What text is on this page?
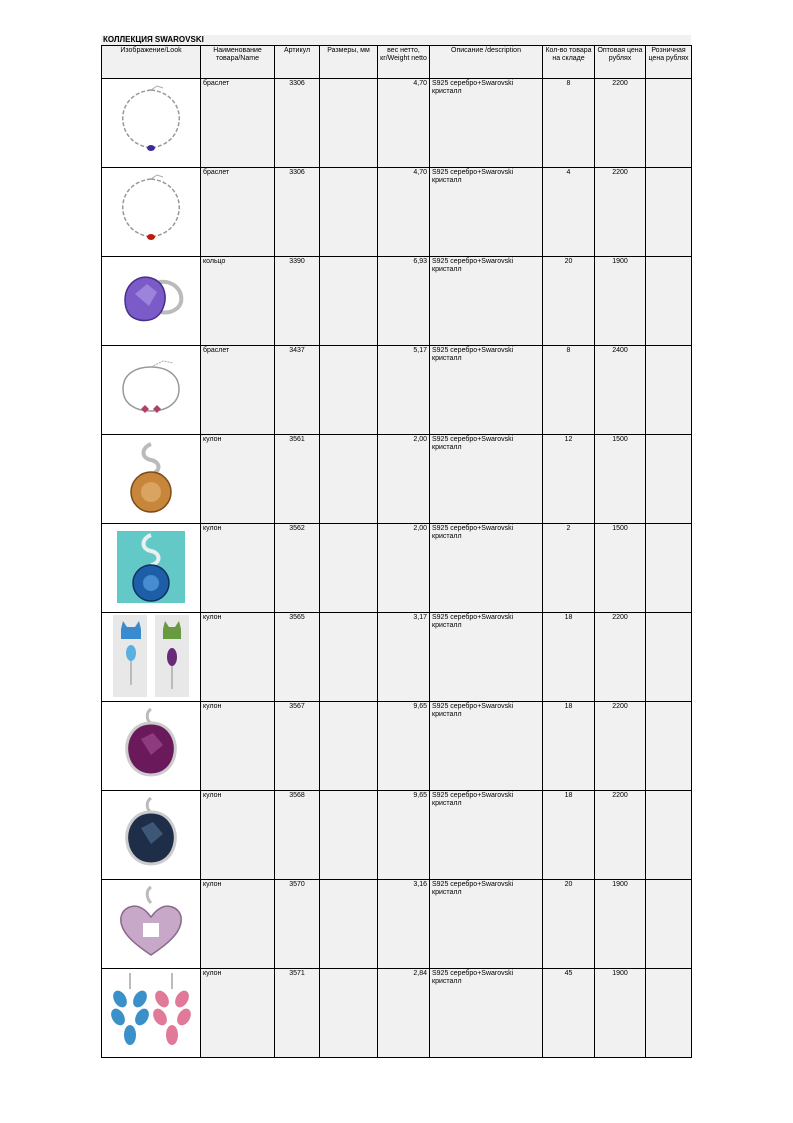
КОЛЛЕКЦИЯ SWAROVSKI
Изображение/Look	Наименование товара/Name	Артикул	Размеры, мм	вес нетто, кг/Weight netto	Описание /description	Кол-во товара на складе	Оптовая цена рублях	Розничная цена рублях

	браслет	3306		4,70	S925 серебро+Swarovski кристалл	8	2200	

	браслет	3306		4,70	S925 серебро+Swarovski кристалл	4	2200	

	кольцо	3390		6,93	S925 серебро+Swarovski кристалл	20	1900	

	браслет	3437		5,17	S925 серебро+Swarovski кристалл	8	2400	

	кулон	3561		2,00	S925 серебро+Swarovski кристалл	12	1500	

	кулон	3562		2,00	S925 серебро+Swarovski кристалл	2	1500	

	кулон	3565		3,17	S925 серебро+Swarovski кристалл	18	2200	

	кулон	3567		9,65	S925 серебро+Swarovski кристалл	18	2200	

	кулон	3568		9,65	S925 серебро+Swarovski кристалл	18	2200	

	кулон	3570		3,16	S925 серебро+Swarovski кристалл	20	1900	

	кулон	3571		2,84	S925 серебро+Swarovski кристалл	45	1900	
